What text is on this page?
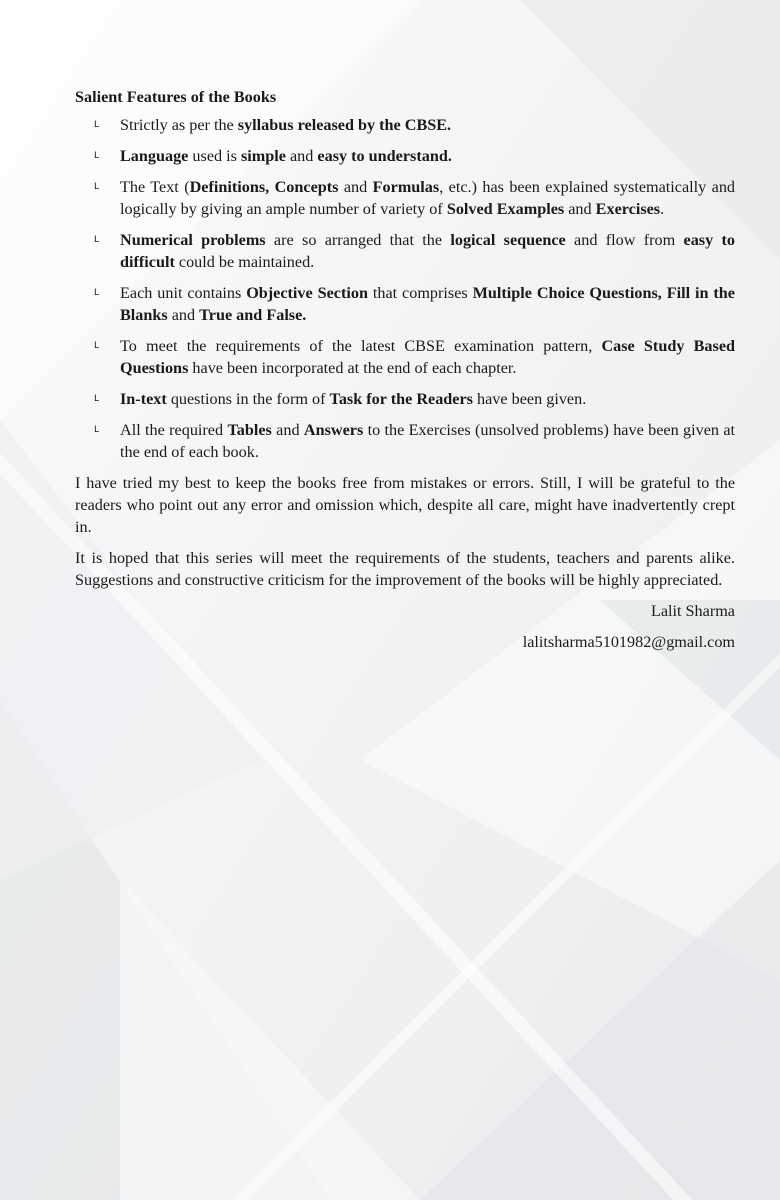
Salient Features of the Books
L Strictly as per the syllabus released by the CBSE.
L Language used is simple and easy to understand.
L The Text (Definitions, Concepts and Formulas, etc.) has been explained systematically and logically by giving an ample number of variety of Solved Examples and Exercises.
L Numerical problems are so arranged that the logical sequence and flow from easy to difficult could be maintained.
L Each unit contains Objective Section that comprises Multiple Choice Questions, Fill in the Blanks and True and False.
L To meet the requirements of the latest CBSE examination pattern, Case Study Based Questions have been incorporated at the end of each chapter.
L In-text questions in the form of Task for the Readers have been given.
L All the required Tables and Answers to the Exercises (unsolved problems) have been given at the end of each book.

I have tried my best to keep the books free from mistakes or errors. Still, I will be grateful to the readers who point out any error and omission which, despite all care, might have inadvertently crept in.

It is hoped that this series will meet the requirements of the students, teachers and parents alike. Suggestions and constructive criticism for the improvement of the books will be highly appreciated.

Lalit Sharma
lalitsharma5101982@gmail.com
